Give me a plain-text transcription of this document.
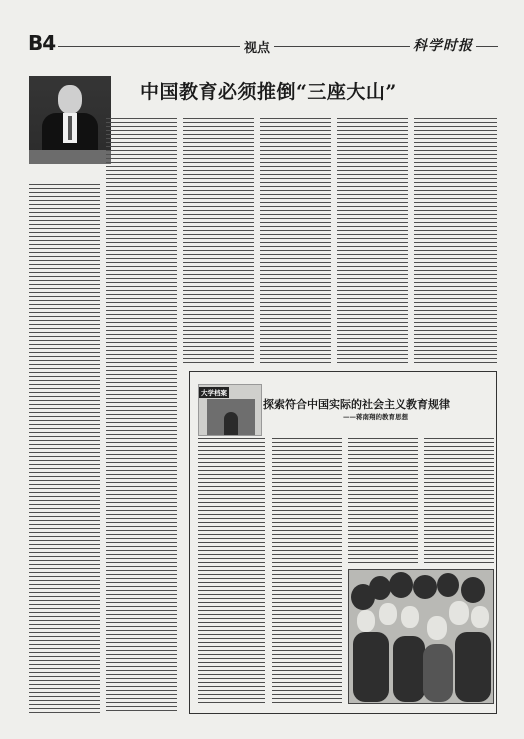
B4	视点	科学时报
中国教育必须推倒“三座大山”
大学档案
探索符合中国实际的社会主义教育规律
——蒋南翔的教育思想
